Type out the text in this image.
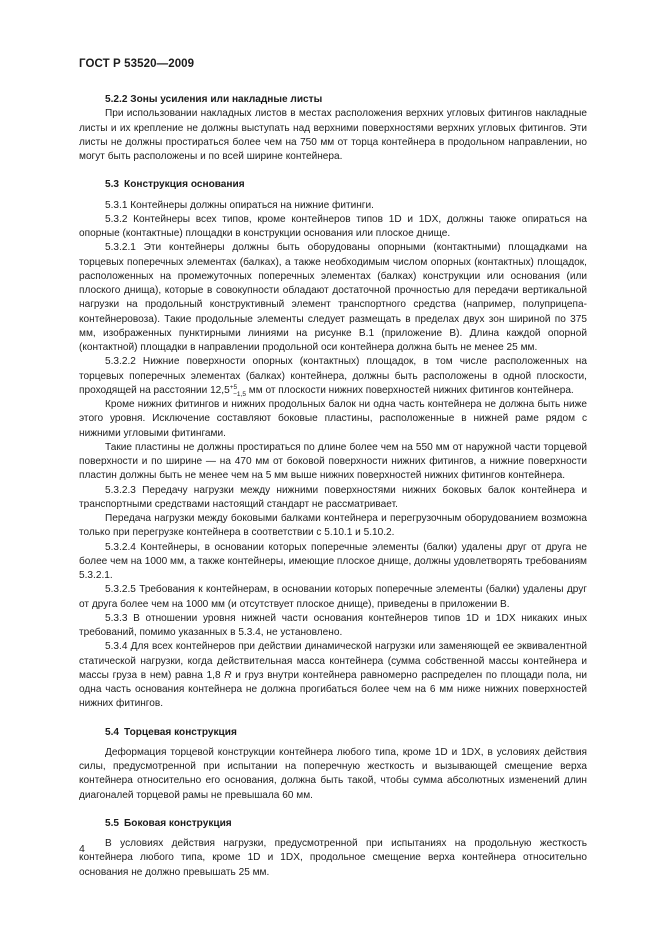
ГОСТ Р 53520—2009
5.2.2 Зоны усиления или накладные листы

При использовании накладных листов в местах расположения верхних угловых фитингов накладные листы и их крепление не должны выступать над верхними поверхностями верхних угловых фитингов. Эти листы не должны простираться более чем на 750 мм от торца контейнера в продольном направлении, но могут быть расположены и по всей ширине контейнера.

5.3 Конструкция основания

5.3.1 Контейнеры должны опираться на нижние фитинги.

5.3.2 Контейнеры всех типов, кроме контейнеров типов 1D и 1DX, должны также опираться на опорные (контактные) площадки в конструкции основания или плоское днище.

5.3.2.1 Эти контейнеры должны быть оборудованы опорными (контактными) площадками на торцевых поперечных элементах (балках), а также необходимым числом опорных (контактных) площадок, расположенных на промежуточных поперечных элементах (балках) конструкции или основания (или плоского днища), которые в совокупности обладают достаточной прочностью для передачи вертикальной нагрузки на продольный конструктивный элемент транспортного средства (например, полуприцепа-контейнеровоза). Такие продольные элементы следует размещать в пределах двух зон шириной по 375 мм, изображенных пунктирными линиями на рисунке В.1 (приложение В). Длина каждой опорной (контактной) площадки в направлении продольной оси контейнера должна быть не менее 25 мм.

5.3.2.2 Нижние поверхности опорных (контактных) площадок, в том числе расположенных на торцевых поперечных элементах (балках) контейнера, должны быть расположены в одной плоскости, проходящей на расстоянии $12,5^{+5}_{-1,5}$ мм от плоскости нижних поверхностей нижних фитингов контейнера.

Кроме нижних фитингов и нижних продольных балок ни одна часть контейнера не должна быть ниже этого уровня. Исключение составляют боковые пластины, расположенные в нижней раме рядом с нижними угловыми фитингами.

Такие пластины не должны простираться по длине более чем на 550 мм от наружной части торцевой поверхности и по ширине — на 470 мм от боковой поверхности нижних фитингов, а нижние поверхности пластин должны быть не менее чем на 5 мм выше нижних поверхностей нижних фитингов контейнера.

5.3.2.3 Передачу нагрузки между нижними поверхностями нижних боковых балок контейнера и транспортными средствами настоящий стандарт не рассматривает.

Передача нагрузки между боковыми балками контейнера и перегрузочным оборудованием возможна только при перегрузке контейнера в соответствии с 5.10.1 и 5.10.2.

5.3.2.4 Контейнеры, в основании которых поперечные элементы (балки) удалены друг от друга не более чем на 1000 мм, а также контейнеры, имеющие плоское днище, должны удовлетворять требованиям 5.3.2.1.

5.3.2.5 Требования к контейнерам, в основании которых поперечные элементы (балки) удалены друг от друга более чем на 1000 мм (и отсутствует плоское днище), приведены в приложении В.

5.3.3 В отношении уровня нижней части основания контейнеров типов 1D и 1DX никаких иных требований, помимо указанных в 5.3.4, не установлено.

5.3.4 Для всех контейнеров при действии динамической нагрузки или заменяющей ее эквивалентной статической нагрузки, когда действительная масса контейнера (сумма собственной массы контейнера и массы груза в нем) равна 1,8 R и груз внутри контейнера равномерно распределен по площади пола, ни одна часть основания контейнера не должна прогибаться более чем на 6 мм ниже нижних поверхностей нижних фитингов.

5.4 Торцевая конструкция

Деформация торцевой конструкции контейнера любого типа, кроме 1D и 1DX, в условиях действия силы, предусмотренной при испытании на поперечную жесткость и вызывающей смещение верха контейнера относительно его основания, должна быть такой, чтобы сумма абсолютных изменений длин диагоналей торцевой рамы не превышала 60 мм.

5.5 Боковая конструкция

В условиях действия нагрузки, предусмотренной при испытаниях на продольную жесткость контейнера любого типа, кроме 1D и 1DX, продольное смещение верха контейнера относительно основания не должно превышать 25 мм.

4
